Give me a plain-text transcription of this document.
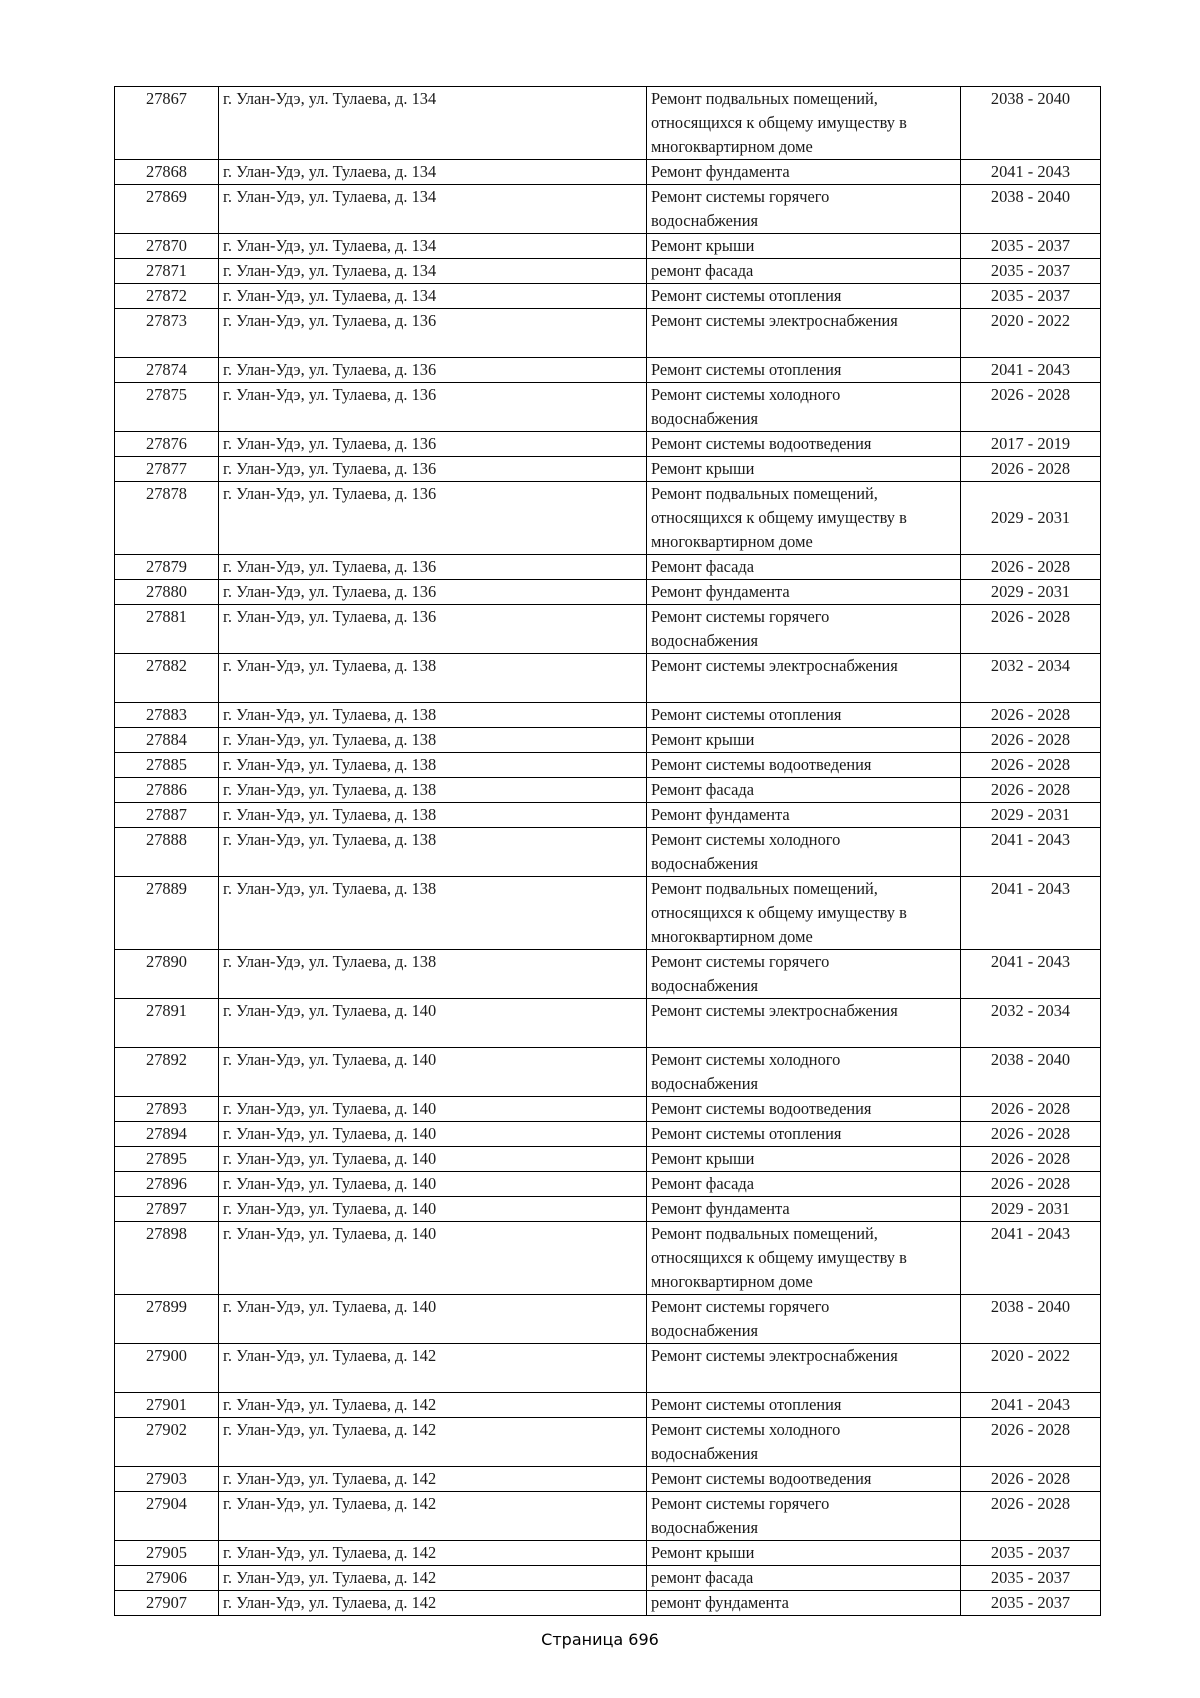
27867	г. Улан-Удэ, ул. Тулаева, д. 134	Ремонт подвальных помещений,
относящихся к общему имуществу в
многоквартирном доме	2038 - 2040
27868	г. Улан-Удэ, ул. Тулаева, д. 134	Ремонт фундамента	2041 - 2043
27869	г. Улан-Удэ, ул. Тулаева, д. 134	Ремонт системы горячего
водоснабжения	2038 - 2040
27870	г. Улан-Удэ, ул. Тулаева, д. 134	Ремонт крыши	2035 - 2037
27871	г. Улан-Удэ, ул. Тулаева, д. 134	ремонт фасада	2035 - 2037
27872	г. Улан-Удэ, ул. Тулаева, д. 134	Ремонт системы отопления	2035 - 2037
27873	г. Улан-Удэ, ул. Тулаева, д. 136	Ремонт системы электроснабжения	2020 - 2022
27874	г. Улан-Удэ, ул. Тулаева, д. 136	Ремонт системы отопления	2041 - 2043
27875	г. Улан-Удэ, ул. Тулаева, д. 136	Ремонт системы холодного
водоснабжения	2026 - 2028
27876	г. Улан-Удэ, ул. Тулаева, д. 136	Ремонт системы водоотведения	2017 - 2019
27877	г. Улан-Удэ, ул. Тулаева, д. 136	Ремонт крыши	2026 - 2028
27878	г. Улан-Удэ, ул. Тулаева, д. 136	Ремонт подвальных помещений,
относящихся к общему имуществу в
многоквартирном доме	2029 - 2031
27879	г. Улан-Удэ, ул. Тулаева, д. 136	Ремонт фасада	2026 - 2028
27880	г. Улан-Удэ, ул. Тулаева, д. 136	Ремонт фундамента	2029 - 2031
27881	г. Улан-Удэ, ул. Тулаева, д. 136	Ремонт системы горячего
водоснабжения	2026 - 2028
27882	г. Улан-Удэ, ул. Тулаева, д. 138	Ремонт системы электроснабжения	2032 - 2034
27883	г. Улан-Удэ, ул. Тулаева, д. 138	Ремонт системы отопления	2026 - 2028
27884	г. Улан-Удэ, ул. Тулаева, д. 138	Ремонт крыши	2026 - 2028
27885	г. Улан-Удэ, ул. Тулаева, д. 138	Ремонт системы водоотведения	2026 - 2028
27886	г. Улан-Удэ, ул. Тулаева, д. 138	Ремонт фасада	2026 - 2028
27887	г. Улан-Удэ, ул. Тулаева, д. 138	Ремонт фундамента	2029 - 2031
27888	г. Улан-Удэ, ул. Тулаева, д. 138	Ремонт системы холодного
водоснабжения	2041 - 2043
27889	г. Улан-Удэ, ул. Тулаева, д. 138	Ремонт подвальных помещений,
относящихся к общему имуществу в
многоквартирном доме	2041 - 2043
27890	г. Улан-Удэ, ул. Тулаева, д. 138	Ремонт системы горячего
водоснабжения	2041 - 2043
27891	г. Улан-Удэ, ул. Тулаева, д. 140	Ремонт системы электроснабжения	2032 - 2034
27892	г. Улан-Удэ, ул. Тулаева, д. 140	Ремонт системы холодного
водоснабжения	2038 - 2040
27893	г. Улан-Удэ, ул. Тулаева, д. 140	Ремонт системы водоотведения	2026 - 2028
27894	г. Улан-Удэ, ул. Тулаева, д. 140	Ремонт системы отопления	2026 - 2028
27895	г. Улан-Удэ, ул. Тулаева, д. 140	Ремонт крыши	2026 - 2028
27896	г. Улан-Удэ, ул. Тулаева, д. 140	Ремонт фасада	2026 - 2028
27897	г. Улан-Удэ, ул. Тулаева, д. 140	Ремонт фундамента	2029 - 2031
27898	г. Улан-Удэ, ул. Тулаева, д. 140	Ремонт подвальных помещений,
относящихся к общему имуществу в
многоквартирном доме	2041 - 2043
27899	г. Улан-Удэ, ул. Тулаева, д. 140	Ремонт системы горячего
водоснабжения	2038 - 2040
27900	г. Улан-Удэ, ул. Тулаева, д. 142	Ремонт системы электроснабжения	2020 - 2022
27901	г. Улан-Удэ, ул. Тулаева, д. 142	Ремонт системы отопления	2041 - 2043
27902	г. Улан-Удэ, ул. Тулаева, д. 142	Ремонт системы холодного
водоснабжения	2026 - 2028
27903	г. Улан-Удэ, ул. Тулаева, д. 142	Ремонт системы водоотведения	2026 - 2028
27904	г. Улан-Удэ, ул. Тулаева, д. 142	Ремонт системы горячего
водоснабжения	2026 - 2028
27905	г. Улан-Удэ, ул. Тулаева, д. 142	Ремонт крыши	2035 - 2037
27906	г. Улан-Удэ, ул. Тулаева, д. 142	ремонт фасада	2035 - 2037
27907	г. Улан-Удэ, ул. Тулаева, д. 142	ремонт фундамента	2035 - 2037
Страница 696
